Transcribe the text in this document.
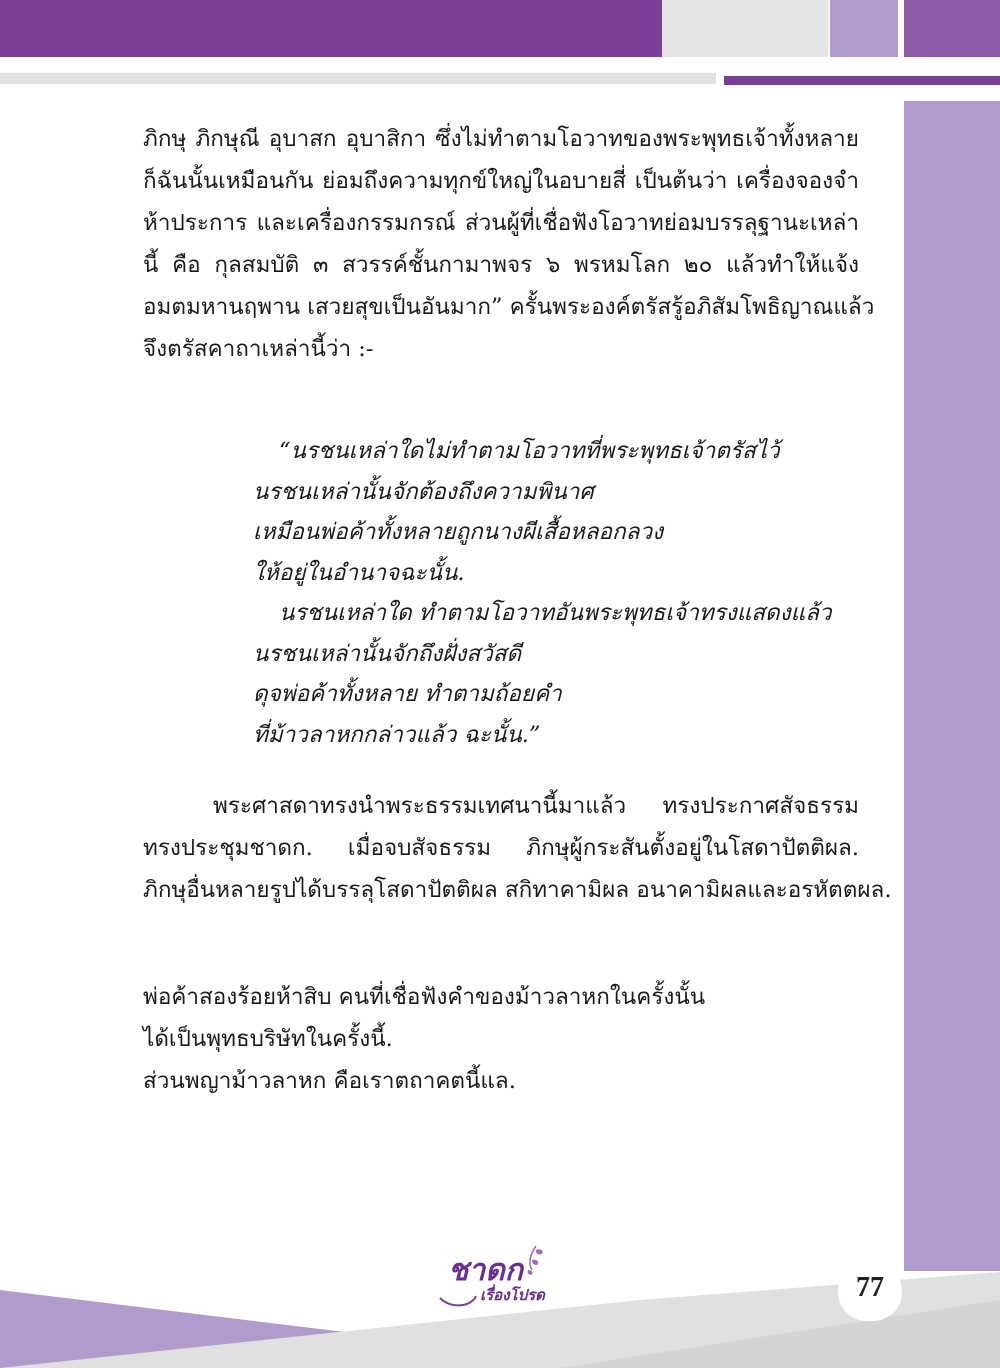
ภิกษุ ภิกษุณี อุบาสก อุบาสิกา ซึ่งไม่ทำตามโอวาทของพระพุทธเจ้าทั้งหลาย
ก็ฉันนั้นเหมือนกัน ย่อมถึงความทุกข์ใหญ่ในอบายสี่ เป็นต้นว่า เครื่องจองจำ
ห้าประการ และเครื่องกรรมกรณ์ ส่วนผู้ที่เชื่อฟังโอวาทย่อมบรรลุฐานะเหล่า
นี้ คือ กุลสมบัติ ๓ สวรรค์ชั้นกามาพจร ๖ พรหมโลก ๒๐ แล้วทำให้แจ้ง
อมตมหานฤพาน เสวยสุขเป็นอันมาก” ครั้นพระองค์ตรัสรู้อภิสัมโพธิญาณแล้ว
จึงตรัสคาถาเหล่านี้ว่า :-
“นรชนเหล่าใดไม่ทำตามโอวาทที่พระพุทธเจ้าตรัสไว้
นรชนเหล่านั้นจักต้องถึงความพินาศ
เหมือนพ่อค้าทั้งหลายถูกนางผีเสื้อหลอกลวง
ให้อยู่ในอำนาจฉะนั้น.
นรชนเหล่าใด ทำตามโอวาทอันพระพุทธเจ้าทรงแสดงแล้ว
นรชนเหล่านั้นจักถึงฝั่งสวัสดี
ดุจพ่อค้าทั้งหลาย ทำตามถ้อยคำ
ที่ม้าวลาหกกล่าวแล้ว ฉะนั้น.”
พระศาสดาทรงนำพระธรรมเทศนานี้มาแล้ว ทรงประกาศสัจธรรม
ทรงประชุมชาดก. เมื่อจบสัจธรรม ภิกษุผู้กระสันตั้งอยู่ในโสดาปัตติผล.
ภิกษุอื่นหลายรูปได้บรรลุโสดาปัตติผล สกิทาคามิผล อนาคามิผลและอรหัตตผล.
พ่อค้าสองร้อยห้าสิบ คนที่เชื่อฟังคำของม้าวลาหกในครั้งนั้น
ได้เป็นพุทธบริษัทในครั้งนี้.
ส่วนพญาม้าวลาหก คือเราตถาคตนี้แล.
ชาดก
เรื่องโปรด	77
